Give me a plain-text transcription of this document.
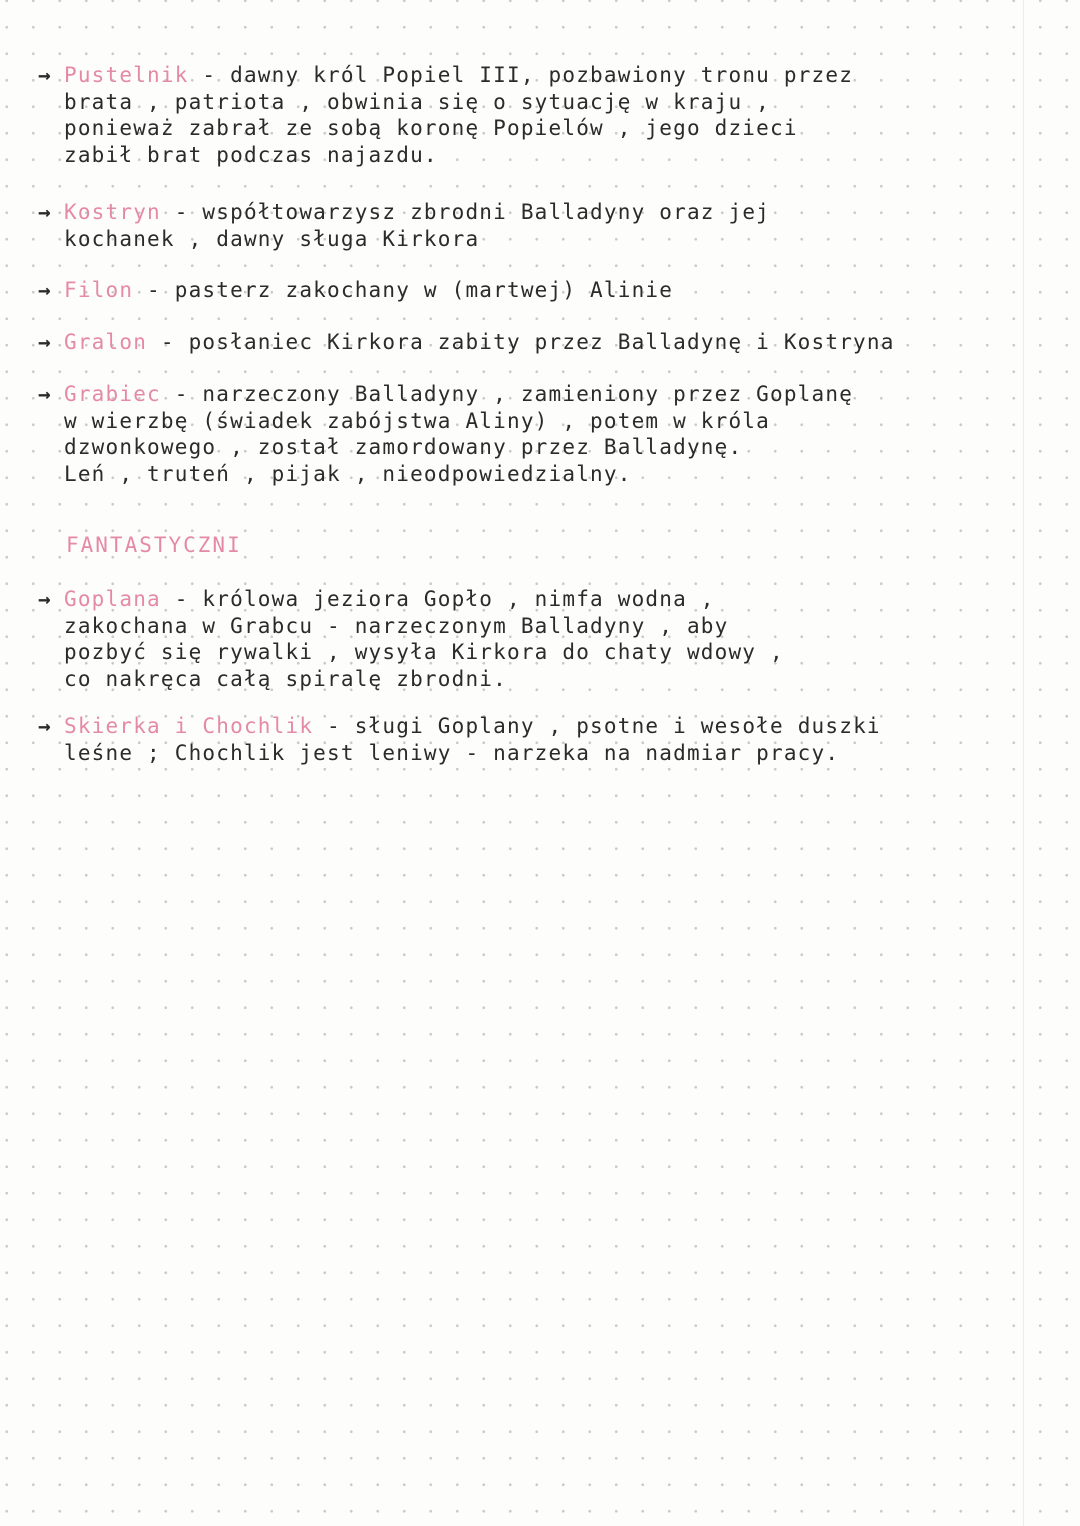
→ Pustelnik - dawny król Popiel III, pozbawiony tronu przez
brata , patriota , obwinia się o sytuację w kraju ,
ponieważ zabrał ze sobą koronę Popielów , jego dzieci
zabił brat podczas najazdu.
→ Kostryn - współtowarzysz zbrodni Balladyny oraz jej
kochanek , dawny sługa Kirkora
→ Filon - pasterz zakochany w (martwej) Alinie
→ Gralon - posłaniec Kirkora zabity przez Balladynę i Kostryna
→ Grabiec - narzeczony Balladyny , zamieniony przez Goplanę
w wierzbę (świadek zabójstwa Aliny) , potem w króla
dzwonkowego , został zamordowany przez Balladynę.
Leń , truteń , pijak , nieodpowiedzialny.
FANTASTYCZNI
→ Goplana - królowa jeziora Gopło , nimfa wodna ,
zakochana w Grabcu - narzeczonym Balladyny , aby
pozbyć się rywalki , wysyła Kirkora do chaty wdowy ,
co nakręca całą spiralę zbrodni.
→ Skierka i Chochlik - sługi Goplany , psotne i wesołe duszki
leśne ; Chochlik jest leniwy - narzeka na nadmiar pracy.
